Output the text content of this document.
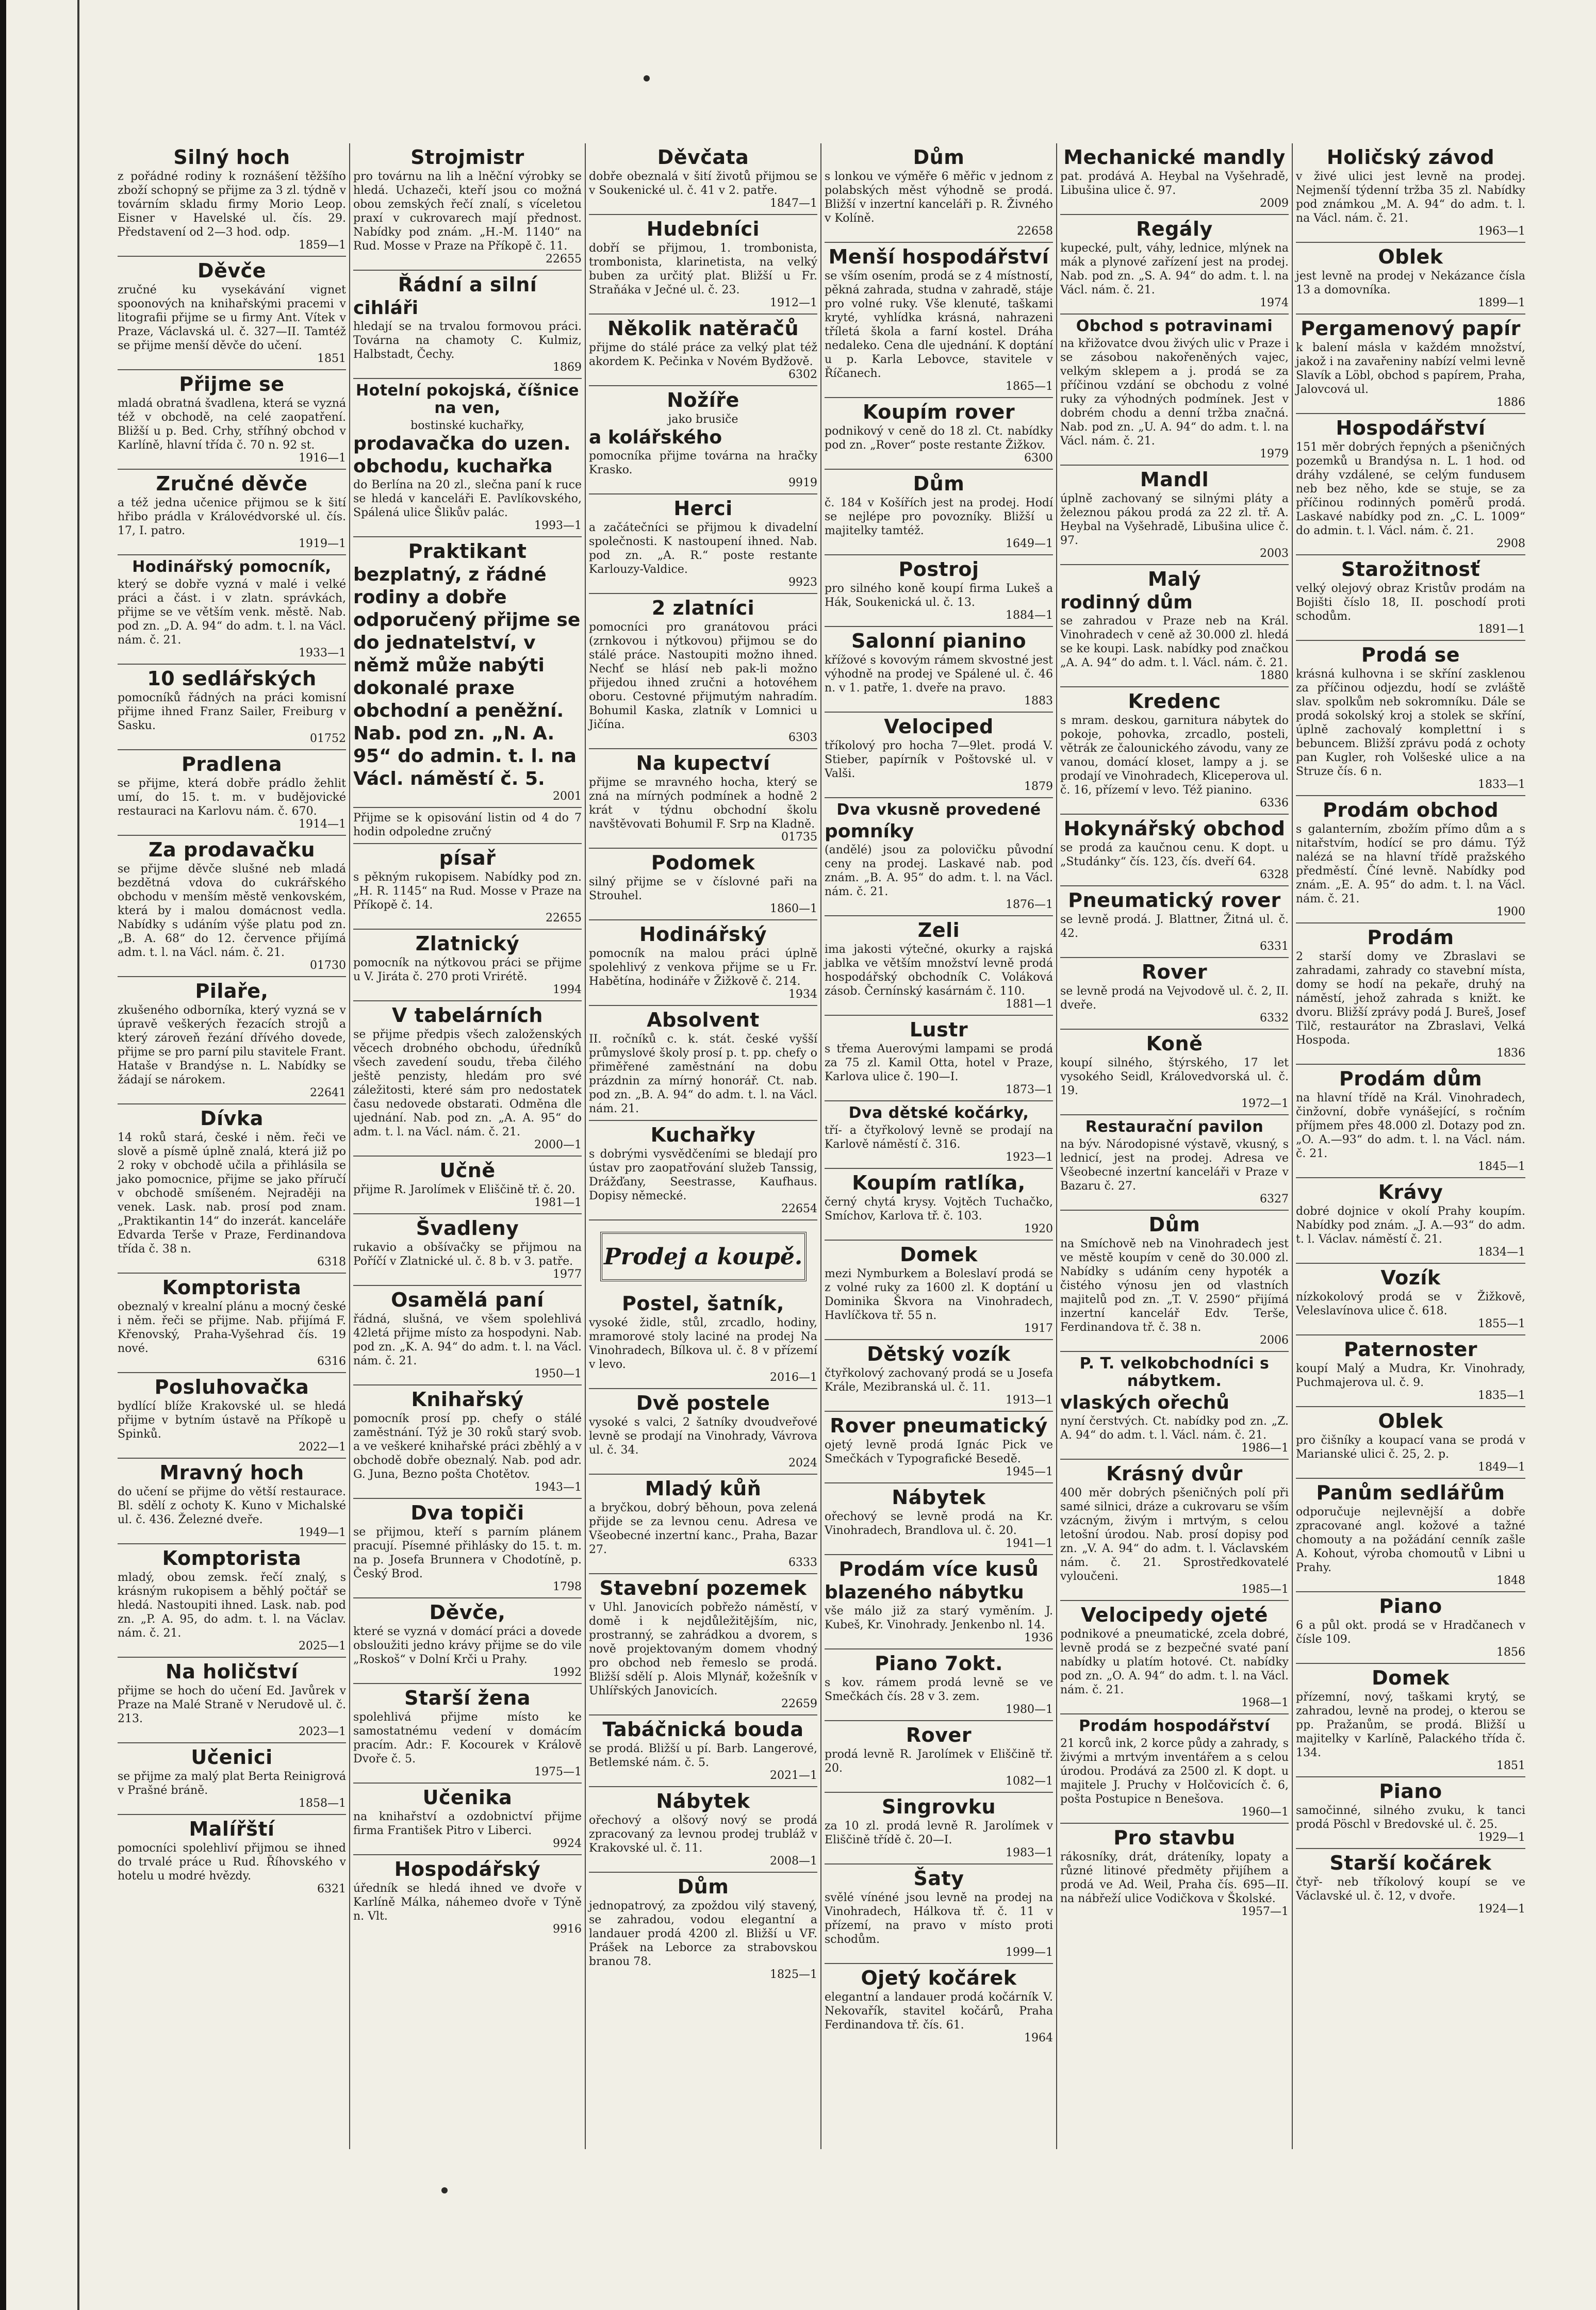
Silný hoch

z pořádné rodiny k roznášení těžšího zboží schopný se přijme za 3 zl. týdně v továrním skladu firmy Morio Leop. Eisner v Havelské ul. čís. 29. Představení od 2—3 hod. odp.

1859—1

Děvče

zručné ku vysekávání vignet spoonových na knihařskými pracemi v litografii přijme se u firmy Ant. Vítek v Praze, Václavská ul. č. 327—II. Tamtéž se přijme menší děvče do učení.

1851

Přijme se

mladá obratná švadlena, která se vyzná též v obchodě, na celé zaopatření. Bližší u p. Bed. Crhy, stříhný obchod v Karlíně, hlavní třída č. 70 n. 92 st.

1916—1

Zručné děvče

a též jedna učenice přijmou se k šití hřibo prádla v Královédvorské ul. čís. 17, I. patro.

1919—1

Hodinářský pomocník,

který se dobře vyzná v malé i velké práci a část. i v zlatn. správkách, přijme se ve větším venk. městě. Nab. pod zn. „D. A. 94“ do adm. t. l. na Václ. nám. č. 21.

1933—1

10 sedlářských

pomocníků řádných na práci komisní přijme ihned Franz Sailer, Freiburg v Sasku.

01752

Pradlena

se přijme, která dobře prádlo žehlit umí, do 15. t. m. v budějovické restauraci na Karlovu nám. č. 670.

1914—1

Za prodavačku

se přijme děvče slušné neb mladá bezdětná vdova do cukrářského obchodu v menším městě venkovském, která by i malou domácnost vedla. Nabídky s udáním výše platu pod zn. „B. A. 68“ do 12. července přijímá adm. t. l. na Václ. nám. č. 21.

01730

Pilaře,

zkušeného odborníka, který vyzná se v úpravě veškerých řezacích strojů a který zároveň řezání dřívého dovede, přijme se pro parní pilu stavitele Frant. Hataše v Brandýse n. L. Nabídky se žádají se nárokem.

22641

Dívka

14 roků stará, české i něm. řeči ve slově a písmě úplně znalá, která již po 2 roky v obchodě učila a přihlásila se jako pomocnice, přijme se jako příručí v obchodě smíšeném. Nejraději na venek. Lask. nab. prosí pod znam. „Praktikantin 14“ do inzerát. kanceláře Edvarda Terše v Praze, Ferdinandova třída č. 38 n.

6318

Komptoristа

obeznalý v krealní plánu a mocný české i něm. řeči se přijme. Nab. přijímá F. Křenovský, Praha-Vyšehrad čís. 19 nové.

6316

Posluhovačka

bydlící blíže Krakovské ul. se hledá přijme v bytním ústavě na Příkopě u Spinků.

2022—1

Mravný hoch

do učení se přijme do větší restaurace. Bl. sdělí z ochoty K. Kuno v Michalské ul. č. 436. Železné dveře.

1949—1

Komptoristа

mladý, obou zemsk. řečí znalý, s krásným rukopisem a běhlý počtář se hledá. Nastoupiti ihned. Lask. nab. pod zn. „P. A. 95, do adm. t. l. na Václav. nám. č. 21.

2025—1

Na holičství

přijme se hoch do učení Ed. Javůrek v Praze na Malé Straně v Nerudově ul. č. 213.

2023—1

Učenici

se přijme za malý plat Berta Reinigrová v Prašné bráně.

1858—1

Malířští

pomocníci spolehliví přijmou se ihned do trvalé práce u Rud. Říhovského v hotelu u modré hvězdy.

6321

Strojmistr

pro továrnu na lih a lněční výrobky se hledá. Uchazeči, kteří jsou co možná obou zemských řečí znalí, s víceletou praxí v cukrovarech mají přednost. Nabídky pod znám. „H.-M. 1140“ na Rud. Mosse v Praze na Příkopě č. 11.

22655

Řádní a silní

cihláři

hledají se na trvalou formovou práci. Továrna na chamoty C. Kulmiz, Halbstadt, Čechy.

1869

Hotelní pokojská, číšnice na ven,

bostinské kuchařky,

prodavačka do uzen. obchodu, kuchařka

do Berlína na 20 zl., slečna paní k ruce se hledá v kanceláři E. Pavlíkovského, Spálená ulice Šlikův palác.

1993—1

Praktikant

bezplatný, z řádné rodiny a dobře odporučený přijme se do jednatelství, v němž může nabýti dokonalé praxe obchodní a peněžní. Nab. pod zn. „N. A. 95“ do admin. t. l. na Václ. náměstí č. 5.

2001

Přijme se k opisování listin od 4 do 7 hodin odpoledne zručný

písař

s pěkným rukopisem. Nabídky pod zn. „H. R. 1145“ na Rud. Mosse v Praze na Příkopě č. 14.

22655

Zlatnický

pomocník na nýtkovou práci se přijme u V. Jiráta č. 270 proti Vrirétě.

1994

V tabelárních

se přijme předpis všech založenských věcech drobného obchodu, úředníků všech zavedení soudu, třeba čilého ještě penzisty, hledám pro své záležitosti, které sám pro nedostatek času nedovede obstarati. Odměna dle ujednání. Nab. pod zn. „A. A. 95“ do adm. t. l. na Václ. nám. č. 21.

2000—1

Učně

přijme R. Jarolímek v Eliščině tř. č. 20.

1981—1

Švadleny

rukavio a obšívačky se přijmou na Poříčí v Zlatnické ul. č. 8 b. v 3. patře.

1977

Osamělá paní

řádná, slušná, ve všem spolehlivá 42letá přijme místo za hospodyni. Nab. pod zn. „K. A. 94“ do adm. t. l. na Václ. nám. č. 21.

1950—1

Knihařský

pomocník prosí pp. chefy o stálé zaměstnání. Týž je 30 roků starý svob. a ve veškeré knihařské práci zběhlý a v obchodě dobře obeznalý. Nab. pod adr. G. Juna, Bezno pošta Chotětov.

1943—1

Dva topiči

se přijmou, kteří s parním plánem pracují. Písemné přihlásky do 15. t. m. na p. Josefa Brunnera v Chodotíně, p. Český Brod.

1798

Děvče,

které se vyzná v domácí práci a dovede obsloužiti jedno krávy přijme se do vile „Roskoš“ v Dolní Krči u Prahy.

1992

Starší žena

spolehlivá přijme místo ke samostatnému vedení v domácím pracím. Adr.: F. Kocourek v Králově Dvoře č. 5.

1975—1

Učenika

na knihařství a ozdobnictví přijme firma František Pitro v Liberci.

9924

Hospodářský

úředník se hledá ihned ve dvoře v Karlíně Málka, náhemeo dvoře v Týně n. Vlt.

9916

Děvčata

dobře obeznalá v šití životů přijmou se v Soukenické ul. č. 41 v 2. patře.

1847—1

Hudebníci

dobří se přijmou, 1. trombonista, trombonista, klarinetista, na velký buben za určitý plat. Bližší u Fr. Straňáka v Ječné ul. č. 23.

1912—1

Několik natěračů

přijme do stálé práce za velký plat též akordem K. Pečinka v Novém Bydžově.

6302

Nožíře

jako brusiče

a kolářského

pomocníka přijme továrna na hračky Krasko.

9919

Herci

a začátečníci se přijmou k divadelní společnosti. K nastoupení ihned. Nab. pod zn. „A. R.“ poste restante Karlouzy-Valdice.

9923

2 zlatníci

pomocníci pro granátovou práci (zrnkovou i nýtkovou) přijmou se do stálé práce. Nastoupiti možno ihned. Nechť se hlásí neb pak-li možno přijedou ihned zručni a hotovéhem oboru. Cestovné přijmutým nahradím. Bohumil Kaska, zlatník v Lomnici u Jičína.

6303

Na kupectví

přijme se mravného hocha, který se zná na mírných podmínek a hodně 2 krát v týdnu obchodní školu navštěvovati Bohumil F. Srp na Kladně.

01735

Podomek

silný přijme se v číslovné paři na Strouhel.

1860—1

Hodinářský

pomocník na malou práci úplně spolehlivý z venkova přijme se u Fr. Habětína, hodináře v Žižkově č. 214.

1934

Absolvent

II. ročníků c. k. stát. české vyšší průmyslové školy prosí p. t. pp. chefy o přiměřené zaměstnání na dobu prázdnin za mírný honorář. Ct. nab. pod zn. „B. A. 94“ do adm. t. l. na Václ. nám. 21.

Kuchařky

s dobrými vysvědčeními se bledají pro ústav pro zaopatřování služeb Tanssig, Drážďany, Seestrasse, Kaufhaus. Dopisy německé.

22654

Prodej a koupě.
Postel, šatník,

vysoké židle, stůl, zrcadlo, hodiny, mramorové stoly laciné na prodej Na Vinohradech, Bílkova ul. č. 8 v přízemí v levo.

2016—1

Dvě postele

vysoké s valci, 2 šatníky dvoudveřové levně se prodají na Vinohrady, Vávrova ul. č. 34.

2024

Mladý kůň

a bryčkou, dobrý běhoun, pova zelená přijde se za levnou cenu. Adresa ve Všeobecné inzertní kanc., Praha, Bazar 27.

6333

Stavební pozemek

v Uhl. Janovicích pobřežo náměstí, v domě i k nejdůležitějším, nic, prostranný, se zahrádkou a dvorem, s nově projektovaným domem vhodný pro obchod neb řemeslo se prodá. Bližší sdělí p. Alois Mlynář, kožešník v Uhlířských Janovicích.

22659

Tabáčnická bouda

se prodá. Bližší u pí. Barb. Langerové, Betlemské nám. č. 5.

2021—1

Nábytek

ořechový a olšový nový se prodá zpracovaný za levnou prodej trubláž v Krakovské ul. č. 11.

2008—1

Dům

jednopatrový, za zpoždou vilý stavený, se zahradou, vodou elegantní a landauer prodá 4200 zl. Bližší u VF. Prášek na Leborce za strabovskou branou 78.

1825—1

Dům

s lonkou ve výměře 6 měřic v jednom z polabských měst výhodně se prodá. Bližší v inzertní kanceláři p. R. Živného v Kolíně.

22658

Menší hospodářství

se vším osením, prodá se z 4 místností, pěkná zahrada, studna v zahradě, stáje pro volné ruky. Vše klenuté, taškami kryté, vyhlídka krásná, nahrazeni tříletá škola a farní kostel. Dráha nedaleko. Cena dle ujednání. K doptání u p. Karla Lebovce, stavitele v Říčanech.

1865—1

Koupím rover

podnikový v ceně do 18 zl. Ct. nabídky pod zn. „Rover“ poste restante Žižkov.

6300

Dům

č. 184 v Košířích jest na prodej. Hodí se nejlépe pro povozníky. Bližší u majitelky tamtéž.

1649—1

Postroj

pro silného koně koupí firma Lukeš a Hák, Soukenická ul. č. 13.

1884—1

Salonní pianino

křížové s kovovým rámem skvostné jest výhodně na prodej ve Spálené ul. č. 46 n. v 1. patře, 1. dveře na pravo.

1883

Velociped

tříkolový pro hocha 7—9let. prodá V. Stieber, papírník v Poštovské ul. v Valši.

1879

Dva vkusně provedené

pomníky

(andělé) jsou za polovičku původní ceny na prodej. Laskavé nab. pod znám. „B. A. 95“ do adm. t. l. na Václ. nám. č. 21.

1876—1

Zeli

ima jakosti výtečné, okurky a rajská jablka ve větším množství levně prodá hospodářský obchodník C. Voláková zásob. Černínský kasárnám č. 110.

1881—1

Lustr

s třema Auerovými lampami se prodá za 75 zl. Kamil Otta, hotel v Praze, Karlova ulice č. 190—I.

1873—1

Dva dětské kočárky,

tří- a čtyřkolový levně se prodají na Karlově náměstí č. 316.

1923—1

Koupím ratlíka,

černý chytá krysy. Vojtěch Tuchačko, Smíchov, Karlova tř. č. 103.

1920

Domek

mezi Nymburkem a Boleslaví prodá se z volné ruky za 1600 zl. K doptání u Dominika Škvora na Vinohradech, Havlíčkova tř. 55 n.

1917

Dětský vozík

čtyřkolový zachovaný prodá se u Josefa Krále, Mezibranská ul. č. 11.

1913—1

Rover pneumatický

ojetý levně prodá Ignác Pick ve Smečkách v Typografické Besedě.

1945—1

Nábytek

ořechový se levně prodá na Kr. Vinohradech, Brandlova ul. č. 20.

1941—1

Prodám více kusů

blazeného nábytku

vše málo již za starý vyměním. J. Kubeš, Kr. Vinohrady. Jenkenbo nl. 14.

1936

Piano 7okt.

s kov. rámem prodá levně se ve Smečkách čís. 28 v 3. zem.

1980—1

Rover

prodá levně R. Jarolímek v Eliščině tř. 20.

1082—1

Singrovku

za 10 zl. prodá levně R. Jarolímek v Eliščině třídě č. 20—I.

1983—1

Šaty

svělé vínéné jsou levně na prodej na Vinohradech, Hálkova tř. č. 11 v přízemí, na pravo v místo proti schodům.

1999—1

Ojetý kočárek

elegantní a landauer prodá kočárník V. Nekovařík, stavitel kočárů, Praha Ferdinandova tř. čís. 61.

1964

Mechanické mandly

pat. prodává A. Heybal na Vyšehradě, Libušina ulice č. 97.

2009

Regály

kupecké, pult, váhy, lednice, mlýnek na mák a plynové zařízení jest na prodej. Nab. pod zn. „S. A. 94“ do adm. t. l. na Václ. nám. č. 21.

1974

Obchod s potravinami

na křižovatce dvou živých ulic v Praze i se zásobou nakořeněných vajec, velkým sklepem a j. prodá se za příčinou vzdání se obchodu z volné ruky za výhodných podmínek. Jest v dobrém chodu a denní tržba značná. Nab. pod zn. „U. A. 94“ do adm. t. l. na Václ. nám. č. 21.

1979

Mandl

úplně zachovaný se silnými pláty a železnou pákou prodá za 22 zl. tř. A. Heybal na Vyšehradě, Libušina ulice č. 97.

2003

Malý

rodinný dům

se zahradou v Praze neb na Král. Vinohradech v ceně až 30.000 zl. hledá se ke koupi. Lask. nabídky pod značkou „A. A. 94“ do adm. t. l. Václ. nám. č. 21.

1880

Kredenc

s mram. deskou, garnitura nábytek do pokoje, pohovka, zrcadlo, posteli, větrák ze čalounického závodu, vany ze vanou, domácí kloset, lampy a j. se prodají ve Vinohradech, Kliceperova ul. č. 16, přízemí v levo. Též pianino.

6336

Hokynářský obchod

se prodá za kaučnou cenu. K dopt. u „Studánky“ čís. 123, čís. dveří 64.

6328

Pneumatický rover

se levně prodá. J. Blattner, Žitná ul. č. 42.

6331

Rover

se levně prodá na Vejvodově ul. č. 2, II. dveře.

6332

Koně

koupí silného, štýrského, 17 let vysokého Seidl, Královedvorská ul. č. 19.

1972—1

Restaurační pavilon

na býv. Národopisné výstavě, vkusný, s lednicí, jest na prodej. Adresa ve Všeobecné inzertní kanceláři v Praze v Bazaru č. 27.

6327

Dům

na Smíchově neb na Vinohradech jest ve městě koupím v ceně do 30.000 zl. Nabídky s udáním ceny hypoték a čistého výnosu jen od vlastních majitelů pod zn. „T. V. 2590“ přijímá inzertní kancelář Edv. Terše, Ferdinandova tř. č. 38 n.

2006

P. T. velkobchodníci s nábytkem.

vlaských ořechů

nyní čerstvých. Ct. nabídky pod zn. „Z. A. 94“ do adm. t. l. Václ. nám. č. 21.

1986—1

Krásný dvůr

400 měr dobrých pšeničných polí při samé silnici, dráze a cukrovaru se vším vzácným, živým i mrtvým, s celou letošní úrodou. Nab. prosí dopisy pod zn. „V. A. 94“ do adm. t. l. Václavském nám. č. 21. Sprostředkovatelé vyloučeni.

1985—1

Velocipedy ojeté

podnikové a pneumatické, zcela dobré, levně prodá se z bezpečné svaté paní nabídky u platím hotové. Ct. nabídky pod zn. „O. A. 94“ do adm. t. l. na Václ. nám. č. 21.

1968—1

Prodám hospodářství

21 korců ink, 2 korce půdy a zahrady, s živými a mrtvým inventářem a s celou úrodou. Prodává za 2500 zl. K dopt. u majitele J. Pruchy v Holčovicích č. 6, pošta Postupice n Benešova.

1960—1

Pro stavbu

rákosníky, drát, dráteníky, lopaty a různé litinové předměty přijíhem a prodá ve Ad. Weil, Praha čís. 695—II. na nábřeží ulice Vodičkova v Školské.

1957—1

Holičský závod

v živé ulici jest levně na prodej. Nejmenší týdenní tržba 35 zl. Nabídky pod známkou „M. A. 94“ do adm. t. l. na Václ. nám. č. 21.

1963—1

Oblek

jest levně na prodej v Nekázance čísla 13 a domovníka.

1899—1

Pergamenový papír

k balení másla v každém množství, jakož i na zavařeniny nabízí velmi levně Slavík a Löbl, obchod s papírem, Praha, Jalovcová ul.

1886

Hospodářství

151 měr dobrých řepných a pšeničných pozemků u Brandýsa n. L. 1 hod. od dráhy vzdálené, se celým fundusem neb bez něho, kde se stuje, se za příčinou rodinných poměrů prodá. Laskavé nabídky pod zn. „C. L. 1009“ do admin. t. l. Václ. nám. č. 21.

2908

Starožitnosť

velký olejový obraz Kristův prodám na Bojišti číslo 18, II. poschodí proti schodům.

1891—1

Prodá se

krásná kulhovna i se skříní zasklenou za příčinou odjezdu, hodí se zvláště slav. spolkům neb sokromníku. Dále se prodá sokolský kroj a stolek se skříní, úplně zachovalý komplettní i s bebuncem. Bližší zprávu podá z ochoty pan Kugler, roh Volšeské ulice a na Struze čís. 6 n.

1833—1

Prodám obchod

s galanterním, zbožím přímo dům a s nitařstvím, hodící se pro dámu. Týž nalézá se na hlavní třídě pražského předměstí. Číné levně. Nabídky pod znám. „E. A. 95“ do adm. t. l. na Václ. nám. č. 21.

1900

Prodám

2 starší domy ve Zbraslavi se zahradami, zahrady co stavební místa, domy se hodí na pekaře, druhý na náměstí, jehož zahrada s knižt. ke dvoru. Bližší zprávy podá J. Bureš, Josef Tilč, restaurátor na Zbraslavi, Velká Hospoda.

1836

Prodám dům

na hlavní třídě na Král. Vinohradech, činžovní, dobře vynášející, s ročním příjmem přes 48.000 zl. Dotazy pod zn. „O. A.—93“ do adm. t. l. na Václ. nám. č. 21.

1845—1

Krávy

dobré dojnice v okolí Prahy koupím. Nabídky pod znám. „J. A.—93“ do adm. t. l. Václav. náměstí č. 21.

1834—1

Vozík

nízkokolový prodá se v Žižkově, Veleslavínova ulice č. 618.

1855—1

Paternoster

koupí Malý a Mudra, Kr. Vinohrady, Puchmajerova ul. č. 9.

1835—1

Oblek

pro čišníky a koupací vana se prodá v Marianské ulici č. 25, 2. p.

1849—1

Panům sedlářům

odporučuje nejlevnější a dobře zpracované angl. kožové a tažné chomouty a na požádání cenník zašle A. Kohout, výroba chomoutů v Libni u Prahy.

1848

Piano

6 a půl okt. prodá se v Hradčanech v čísle 109.

1856

Domek

přízemní, nový, taškami krytý, se zahradou, levně na prodej, o kterou se pp. Pražanům, se prodá. Bližší u majitelky v Karlíně, Palackého třída č. 134.

1851

Piano

samočinné, silného zvuku, k tanci prodá Pöschl v Bredovské ul. č. 25.

1929—1

Starší kočárek

čtyř- neb tříkolový koupí se ve Václavské ul. č. 12, v dvoře.

1924—1
